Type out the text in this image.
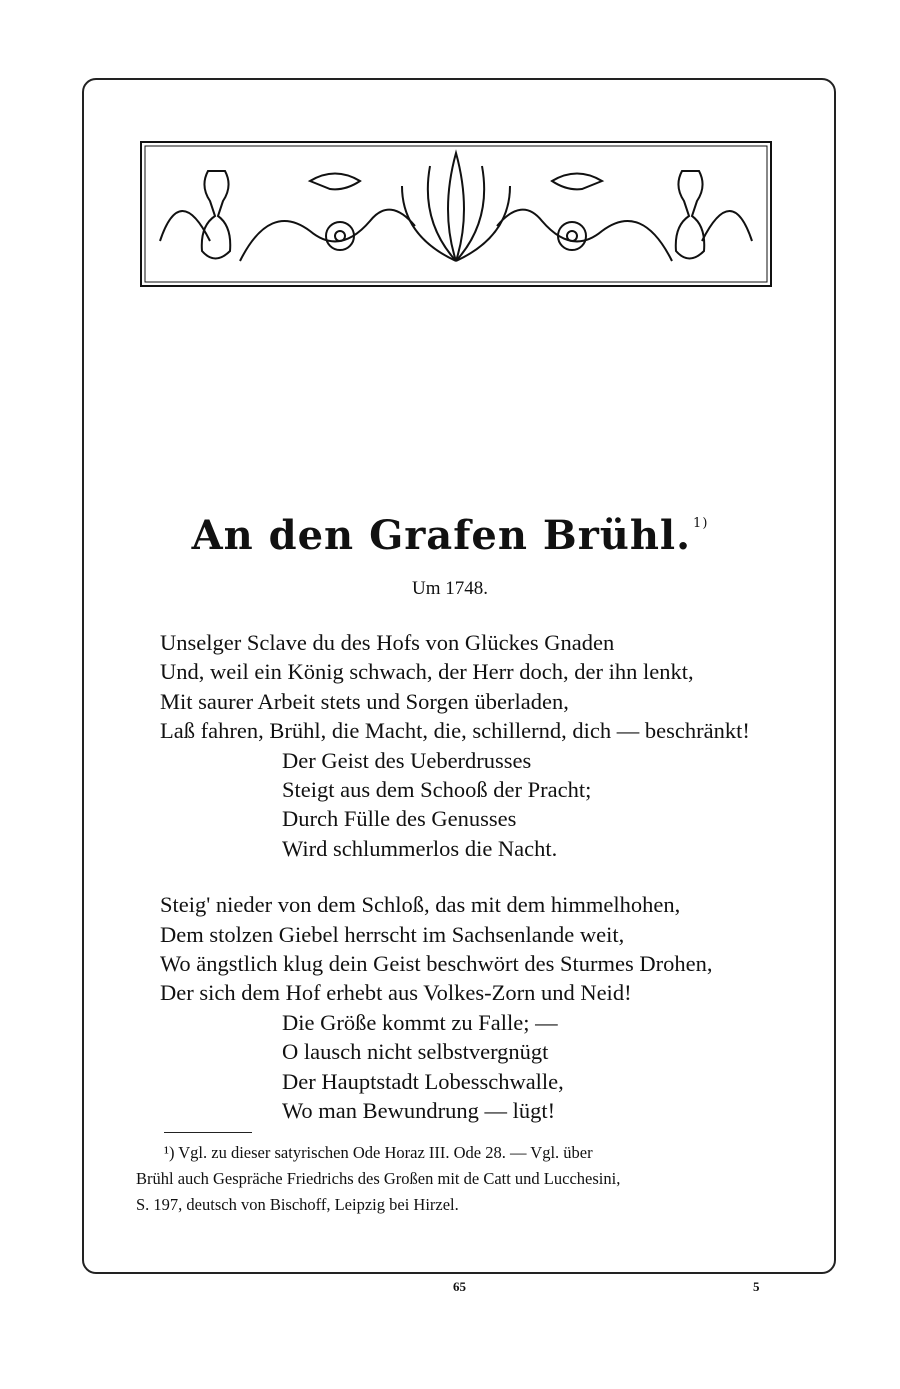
An den Grafen Brühl. $^{1)}$
Um 1748.
Unselger Sclave du des Hofs von Glückes Gnaden
Und, weil ein König schwach, der Herr doch, der ihn lenkt,
Mit saurer Arbeit stets und Sorgen überladen,
Laß fahren, Brühl, die Macht, die, schillernd, dich — beschränkt!
Der Geist des Ueberdrusses
Steigt aus dem Schooß der Pracht;
Durch Fülle des Genusses
Wird schlummerlos die Nacht.
Steig' nieder von dem Schloß, das mit dem himmelhohen,
Dem stolzen Giebel herrscht im Sachsenlande weit,
Wo ängstlich klug dein Geist beschwört des Sturmes Drohen,
Der sich dem Hof erhebt aus Volkes-Zorn und Neid!
Die Größe kommt zu Falle; —
O lausch nicht selbstvergnügt
Der Hauptstadt Lobesschwalle,
Wo man Bewundrung — lügt!
¹) Vgl. zu dieser satyrischen Ode Horaz III. Ode 28. — Vgl. über
Brühl auch Gespräche Friedrichs des Großen mit de Catt und Lucchesini,
S. 197, deutsch von Bischoff, Leipzig bei Hirzel.
65	5
